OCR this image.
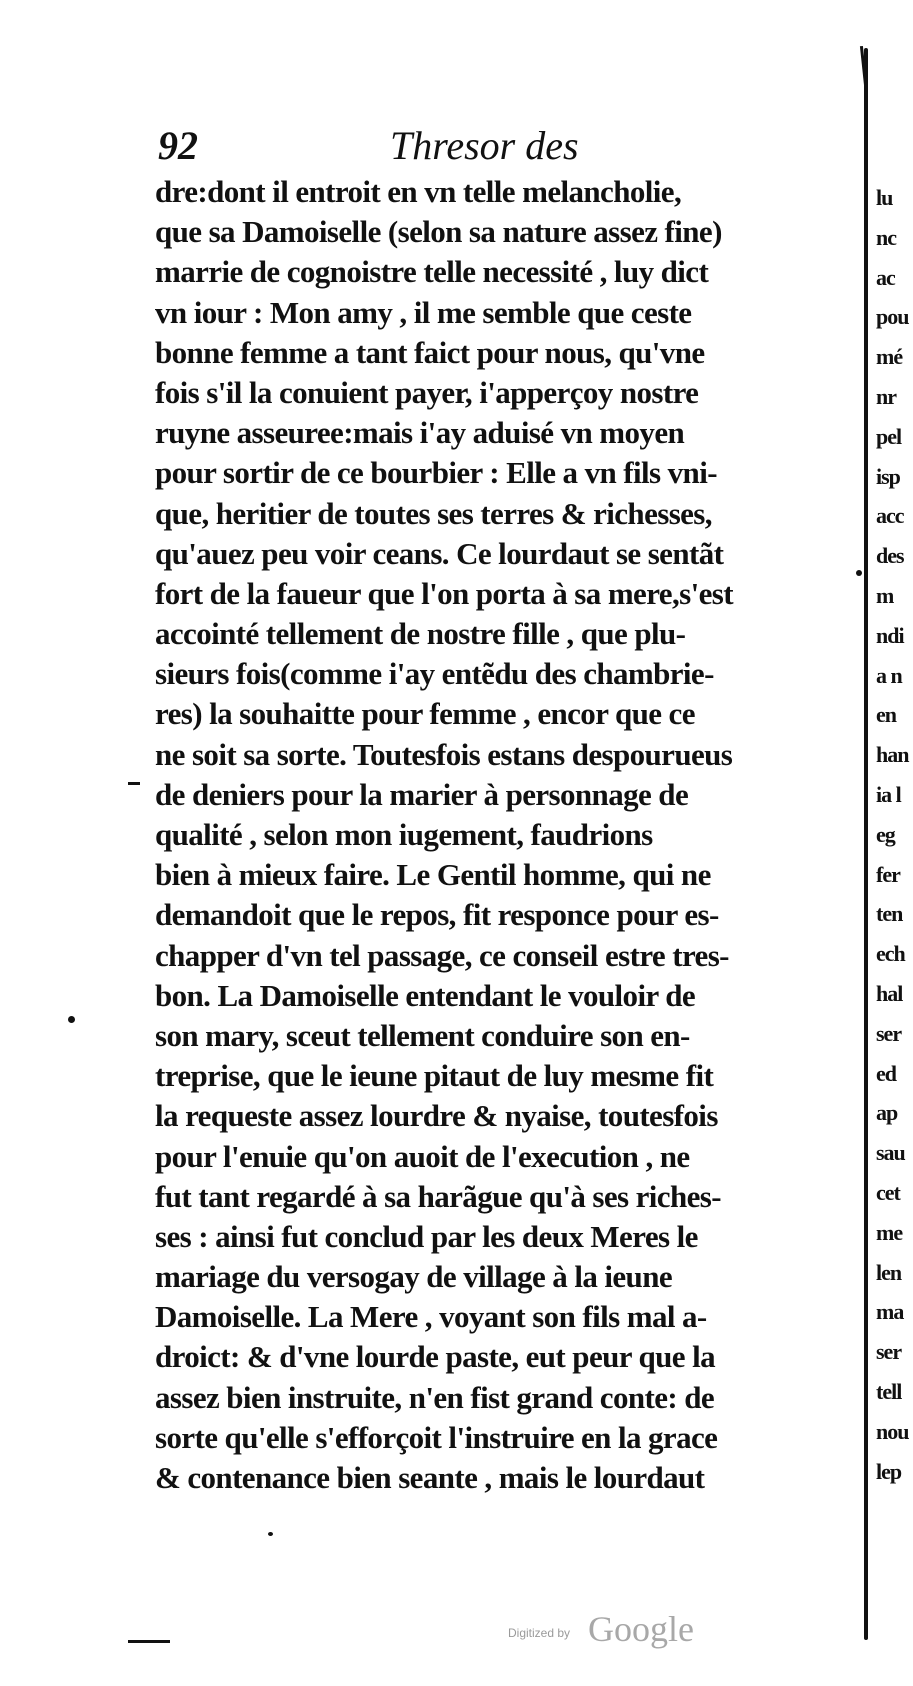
92	Thresor des
dre:dont il entroit en vn telle melancholie,
que sa Damoiselle (selon sa nature assez fine)
marrie de cognoistre telle necessité , luy dict
vn iour : Mon amy , il me semble que ceste
bonne femme a tant faict pour nous, qu'vne
fois s'il la conuient payer, i'apperçoy nostre
ruyne asseuree:mais i'ay aduisé vn moyen
pour sortir de ce bourbier : Elle a vn fils vni-
que, heritier de toutes ses terres & richesses,
qu'auez peu voir ceans. Ce lourdaut se sentãt
fort de la faueur que l'on porta à sa mere,s'est
accointé tellement de nostre fille , que plu-
sieurs fois(comme i'ay entẽdu des chambrie-
res) la souhaitte pour femme , encor que ce
ne soit sa sorte. Toutesfois estans despourueus
de deniers pour la marier à personnage de
qualité , selon mon iugement, faudrions
bien à mieux faire. Le Gentil homme, qui ne
demandoit que le repos, fit responce pour es-
chapper d'vn tel passage, ce conseil estre tres-
bon. La Damoiselle entendant le vouloir de
son mary, sceut tellement conduire son en-
treprise, que le ieune pitaut de luy mesme fit
la requeste assez lourdre & nyaise, toutesfois
pour l'enuie qu'on auoit de l'execution , ne
fut tant regardé à sa harãgue qu'à ses riches-
ses : ainsi fut conclud par les deux Meres le
mariage du versogay de village à la ieune
Damoiselle. La Mere , voyant son fils mal a-
droict: & d'vne lourde paste, eut peur que la
assez bien instruite, n'en fist grand conte: de
sorte qu'elle s'efforçoit l'instruire en la grace
& contenance bien seante , mais le lourdaut
lu
nc
ac
pou
mé
nr
pel
isp
acc
des
m
ndi
a n
en
han
ia l
eg
fer
ten
ech
hal
ser
ed
ap
sau
cet
me
len
ma
ser
tell
nou
lep
Digitized by Google
